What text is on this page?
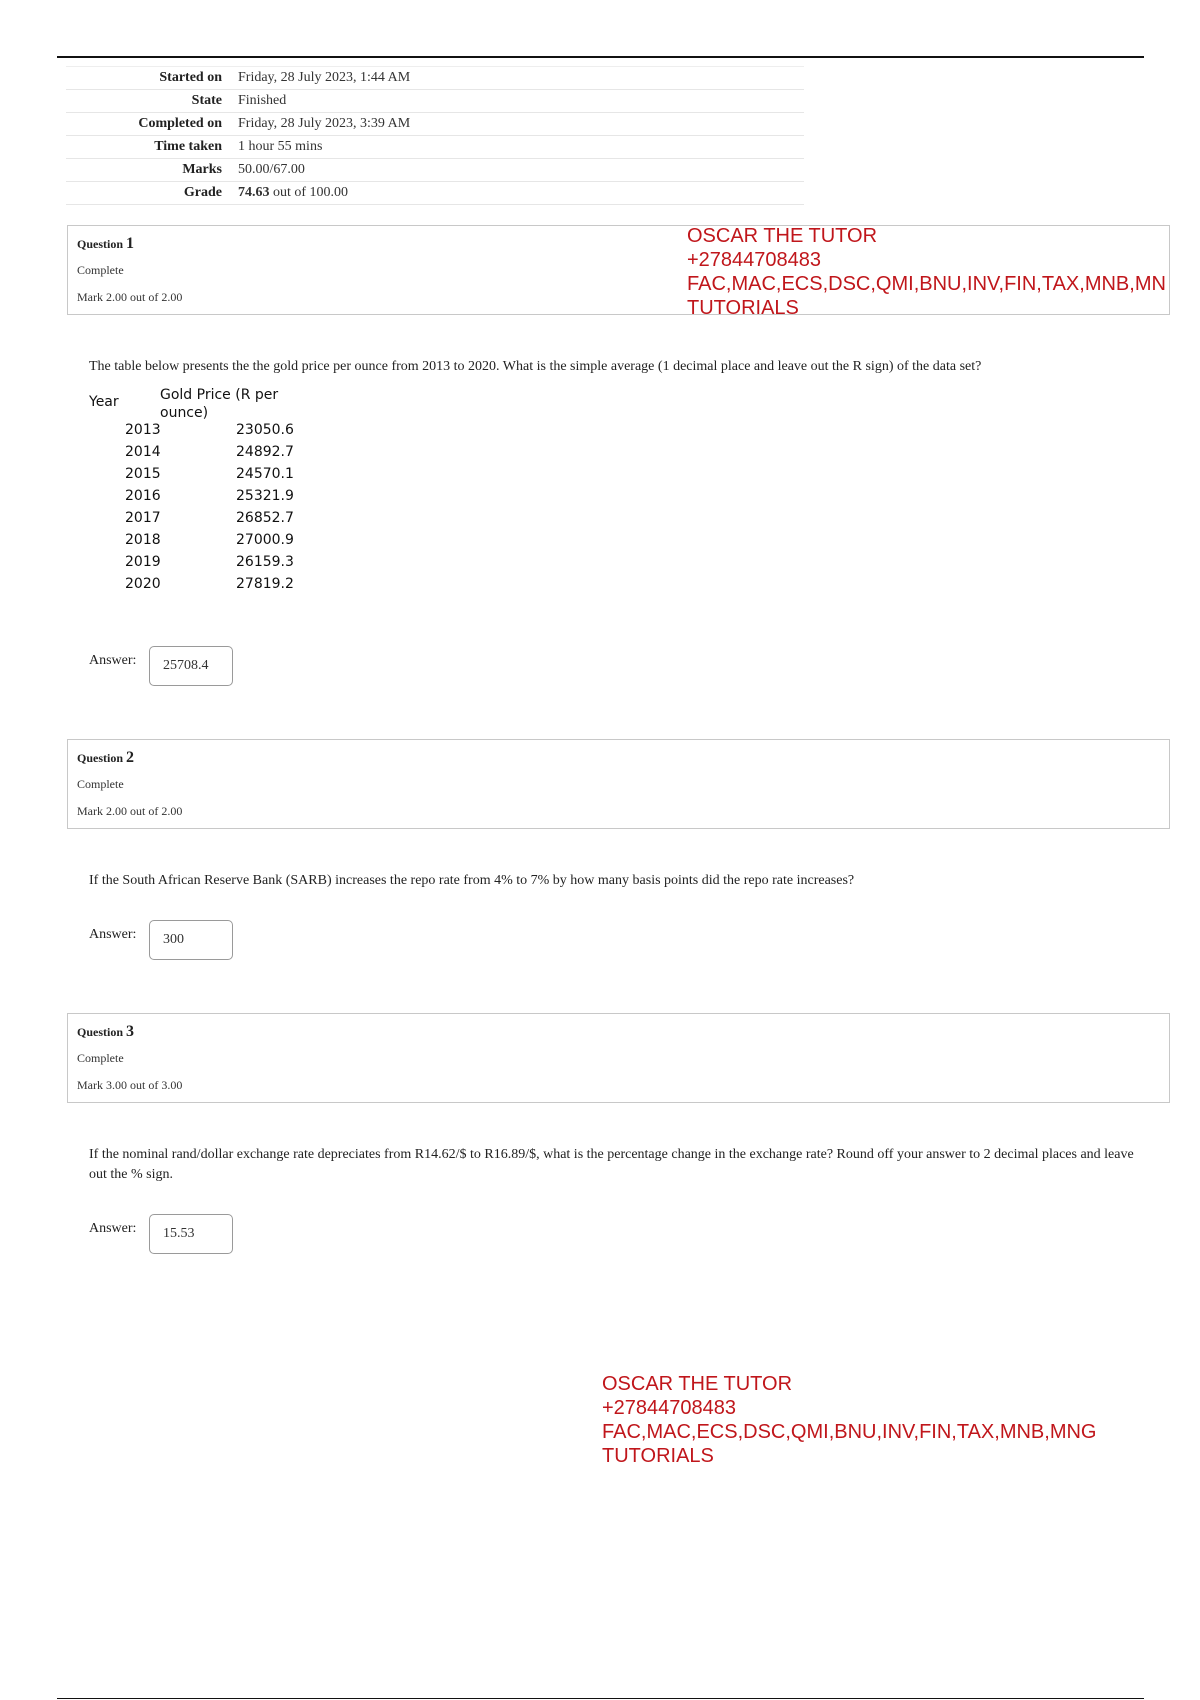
Started on	Friday, 28 July 2023, 1:44 AM
State	Finished
Completed on	Friday, 28 July 2023, 3:39 AM
Time taken	1 hour 55 mins
Marks	50.00/67.00
Grade	74.63 out of 100.00
Question 1
Complete
Mark 2.00 out of 2.00
The table below presents the the gold price per ounce from 2013 to 2020. What is the simple average (1 decimal place and leave out the R sign) of the data set?
Year	Gold Price (R per ounce)
2013	23050.6
2014	24892.7
2015	24570.1
2016	25321.9
2017	26852.7
2018	27000.9
2019	26159.3
2020	27819.2
Answer:	25708.4
Question 2
Complete
Mark 2.00 out of 2.00
If the South African Reserve Bank (SARB) increases the repo rate from 4% to 7% by how many basis points did the repo rate increases?
Answer:	300
Question 3
Complete
Mark 3.00 out of 3.00
If the nominal rand/dollar exchange rate depreciates from R14.62/$ to R16.89/$, what is the percentage change in the exchange rate? Round off your answer to 2 decimal places and leave out the % sign.
Answer:	15.53
OSCAR THE TUTOR
+27844708483
FAC,MAC,ECS,DSC,QMI,BNU,INV,FIN,TAX,MNB,MN
TUTORIALS
OSCAR THE TUTOR
+27844708483
FAC,MAC,ECS,DSC,QMI,BNU,INV,FIN,TAX,MNB,MNG
TUTORIALS
